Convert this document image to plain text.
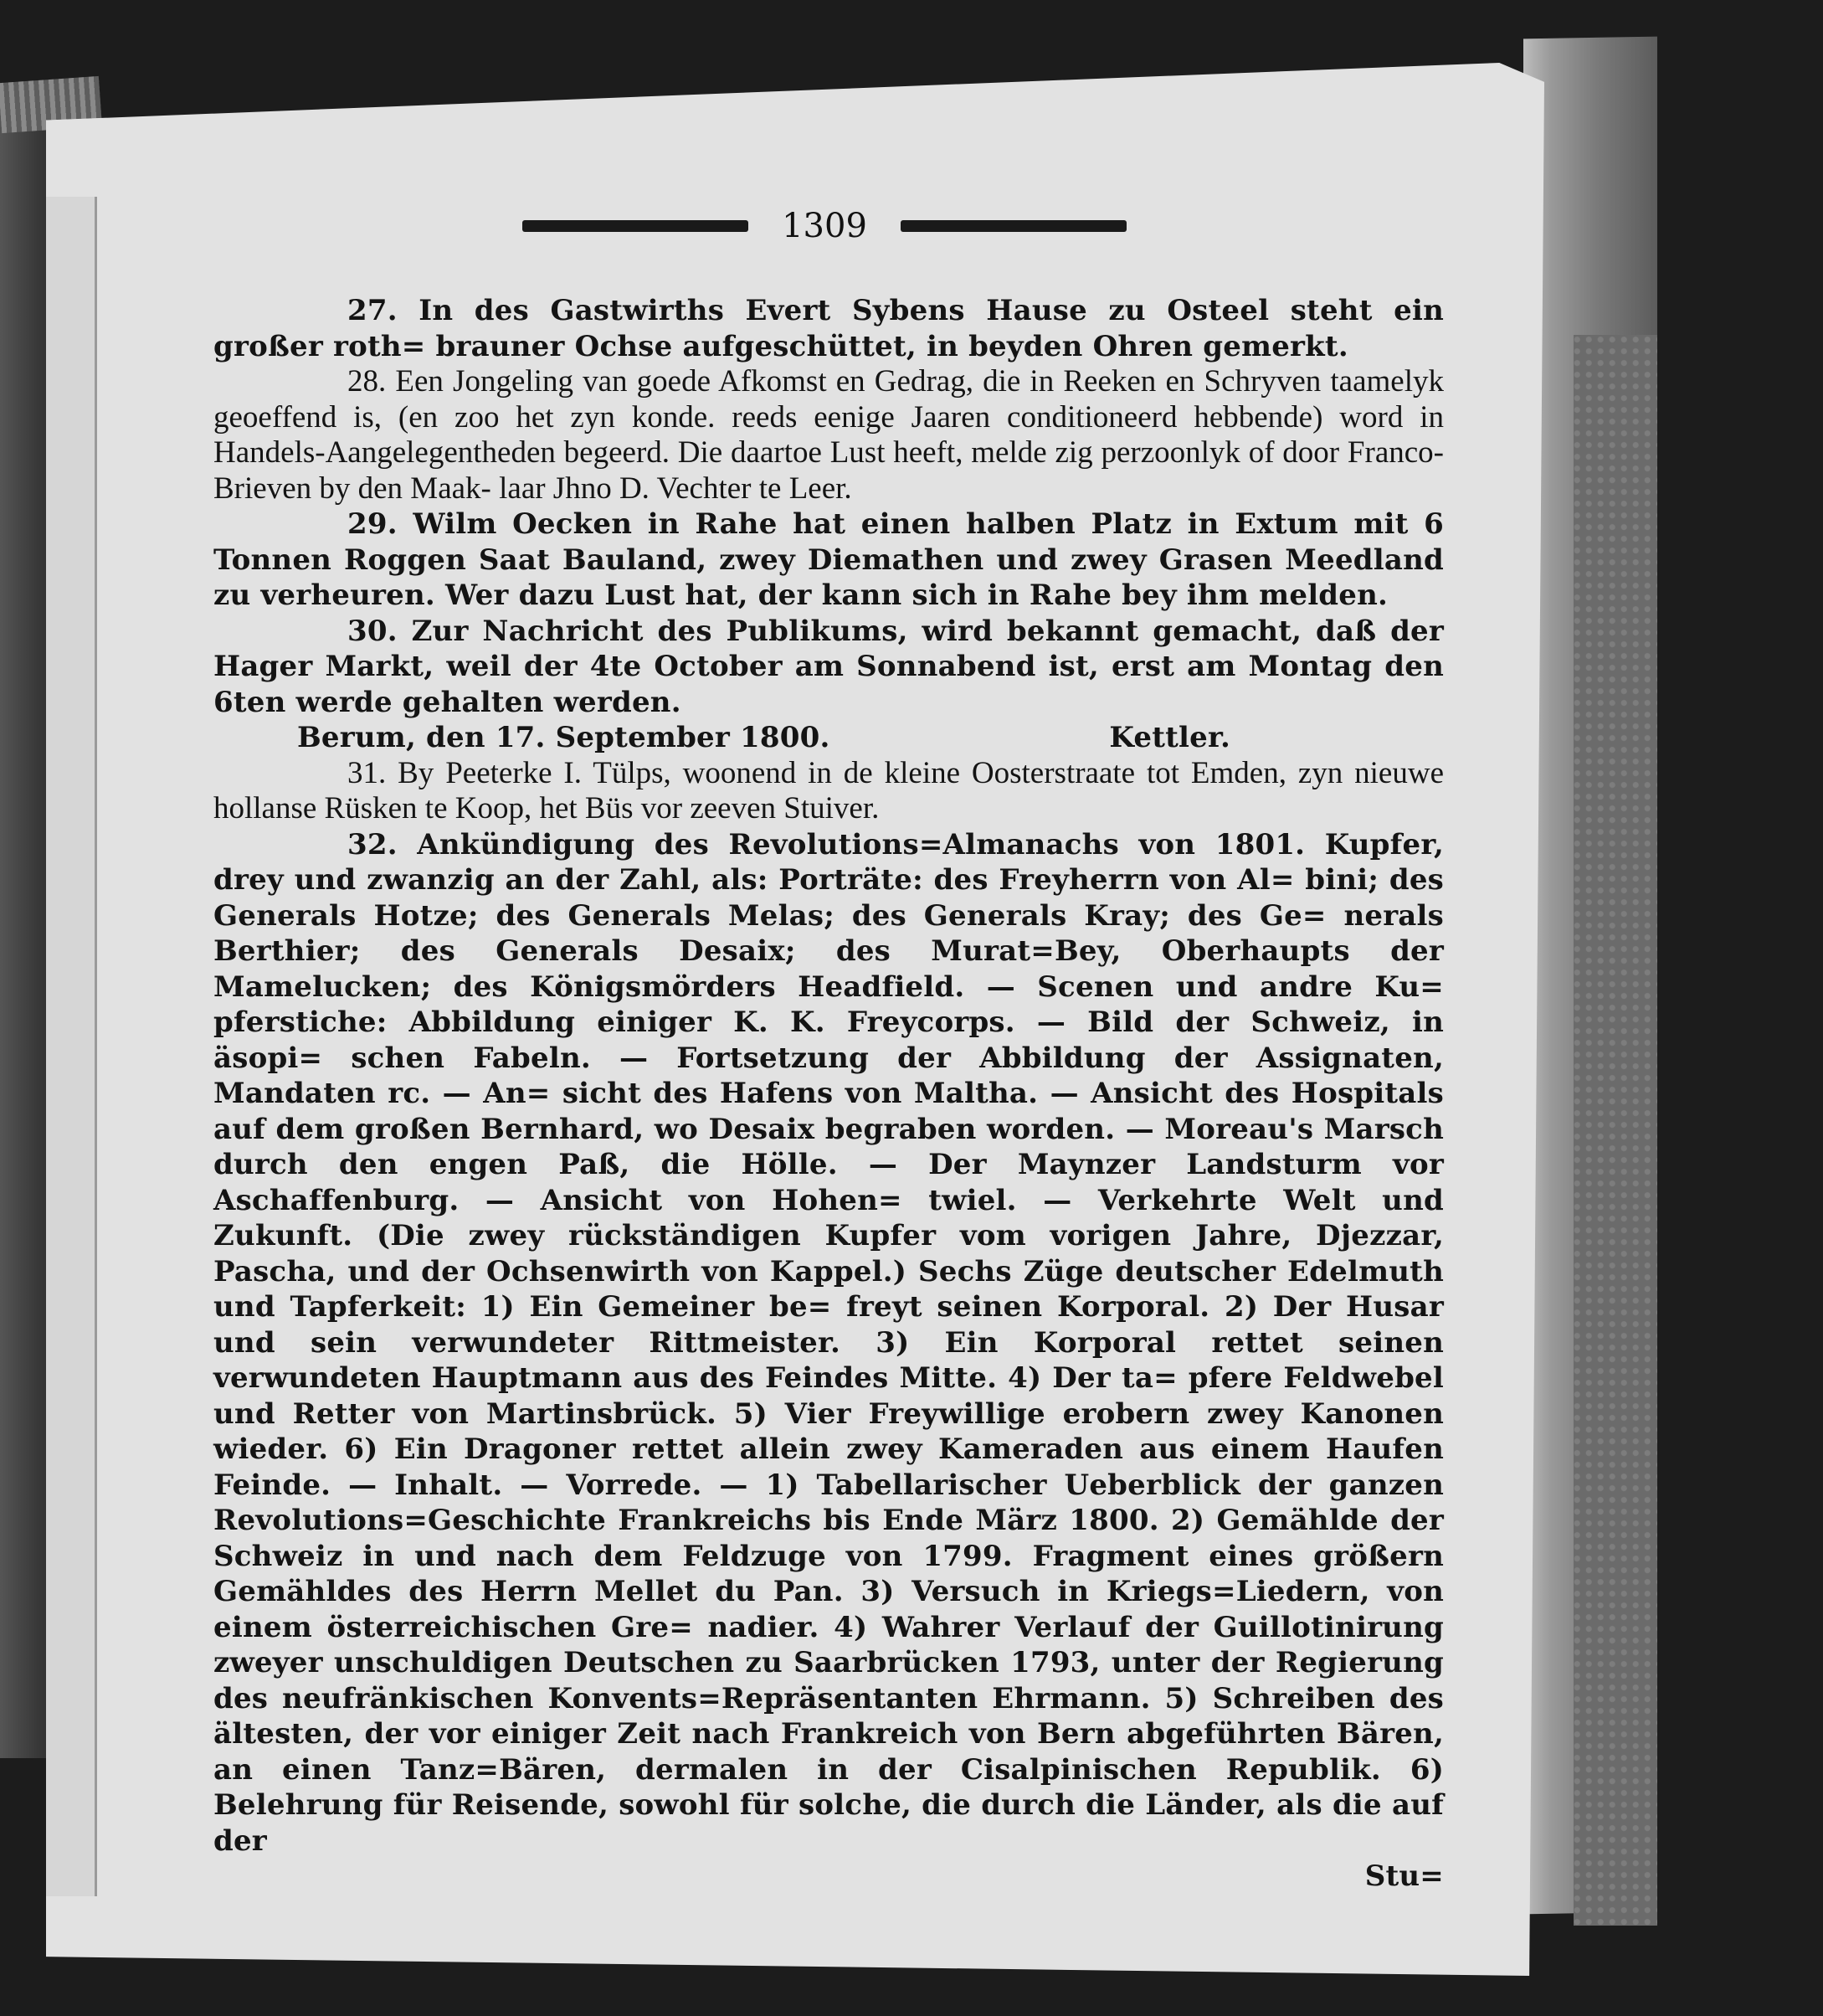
1309

27. In des Gastwirths Evert Sybens Hause zu Osteel steht ein großer roth= brauner Ochse aufgeschüttet, in beyden Ohren gemerkt.

28. Een Jongeling van goede Afkomst en Gedrag, die in Reeken en Schryven taamelyk geoeffend is, (en zoo het zyn konde. reeds eenige Jaaren conditioneerd hebbende) word in Handels-Aangelegentheden begeerd. Die daartoe Lust heeft, melde zig perzoonlyk of door Franco-Brieven by den Maak- laar Jhno D. Vechter te Leer.

29. Wilm Oecken in Rahe hat einen halben Platz in Extum mit 6 Tonnen Roggen Saat Bauland, zwey Diemathen und zwey Grasen Meedland zu verheuren. Wer dazu Lust hat, der kann sich in Rahe bey ihm melden.

30. Zur Nachricht des Publikums, wird bekannt gemacht, daß der Hager Markt, weil der 4te October am Sonnabend ist, erst am Montag den 6ten werde gehalten werden.

Berum, den 17. September 1800.	Kettler.

31. By Peeterke I. Tülps, woonend in de kleine Oosterstraate tot Emden, zyn nieuwe hollanse Rüsken te Koop, het Büs vor zeeven Stuiver.

32. Ankündigung des Revolutions=Almanachs von 1801. Kupfer, drey und zwanzig an der Zahl, als: Porträte: des Freyherrn von Al= bini; des Generals Hotze; des Generals Melas; des Generals Kray; des Ge= nerals Berthier; des Generals Desaix; des Murat=Bey, Oberhaupts der Mamelucken; des Königsmörders Headfield. — Scenen und andre Ku= pferstiche: Abbildung einiger K. K. Freycorps. — Bild der Schweiz, in äsopi= schen Fabeln. — Fortsetzung der Abbildung der Assignaten, Mandaten rc. — An= sicht des Hafens von Maltha. — Ansicht des Hospitals auf dem großen Bernhard, wo Desaix begraben worden. — Moreau's Marsch durch den engen Paß, die Hölle. — Der Maynzer Landsturm vor Aschaffenburg. — Ansicht von Hohen= twiel. — Verkehrte Welt und Zukunft. (Die zwey rückständigen Kupfer vom vorigen Jahre, Djezzar, Pascha, und der Ochsenwirth von Kappel.) Sechs Züge deutscher Edelmuth und Tapferkeit: 1) Ein Gemeiner be= freyt seinen Korporal. 2) Der Husar und sein verwundeter Rittmeister. 3) Ein Korporal rettet seinen verwundeten Hauptmann aus des Feindes Mitte. 4) Der ta= pfere Feldwebel und Retter von Martinsbrück. 5) Vier Freywillige erobern zwey Kanonen wieder. 6) Ein Dragoner rettet allein zwey Kameraden aus einem Haufen Feinde. — Inhalt. — Vorrede. — 1) Tabellarischer Ueberblick der ganzen Revolutions=Geschichte Frankreichs bis Ende März 1800. 2) Gemählde der Schweiz in und nach dem Feldzuge von 1799. Fragment eines größern Gemähldes des Herrn Mellet du Pan. 3) Versuch in Kriegs=Liedern, von einem österreichischen Gre= nadier. 4) Wahrer Verlauf der Guillotinirung zweyer unschuldigen Deutschen zu Saarbrücken 1793, unter der Regierung des neufränkischen Konvents=Repräsentanten Ehrmann. 5) Schreiben des ältesten, der vor einiger Zeit nach Frankreich von Bern abgeführten Bären, an einen Tanz=Bären, dermalen in der Cisalpinischen Republik. 6) Belehrung für Reisende, sowohl für solche, die durch die Länder, als die auf der

Stu=
